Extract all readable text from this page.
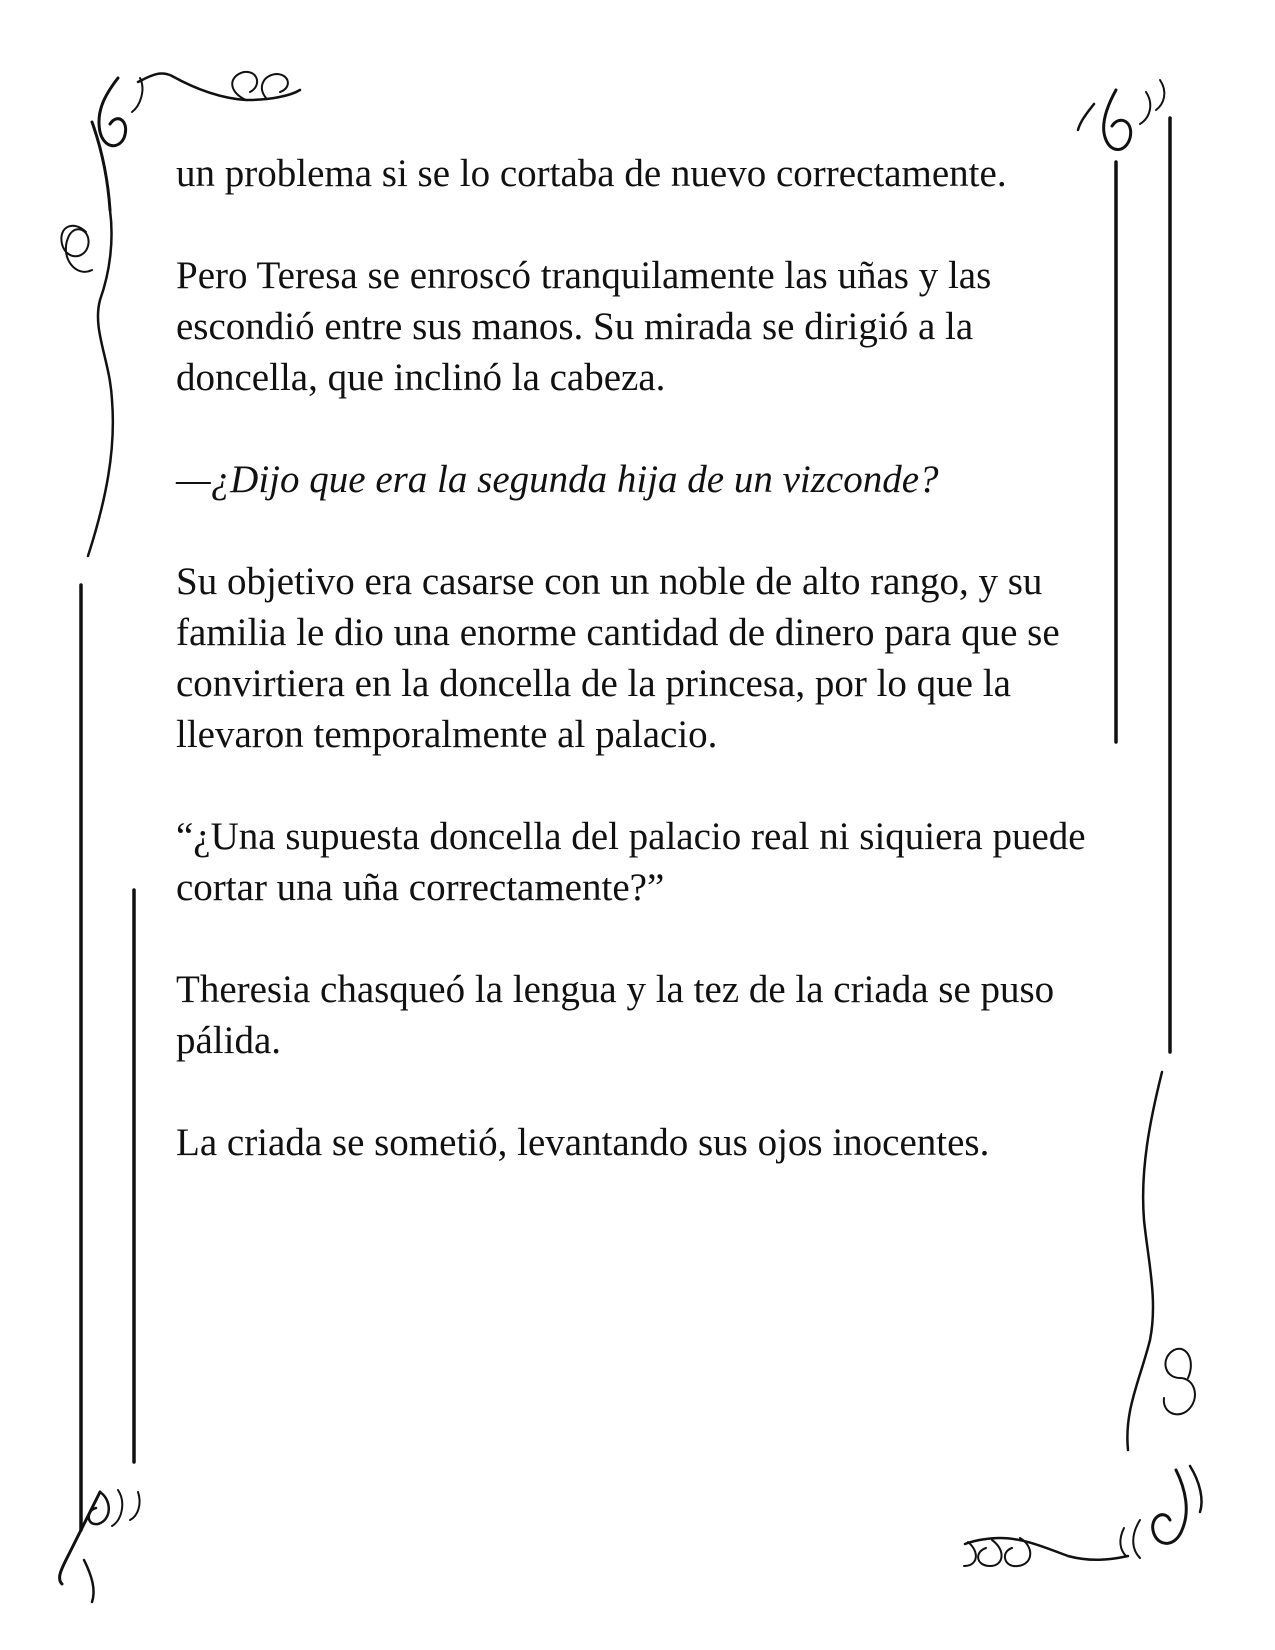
un problema si se lo cortaba de nuevo correctamente.

Pero Teresa se enroscó tranquilamente las uñas y las escondió entre sus manos. Su mirada se dirigió a la doncella, que inclinó la cabeza.

—¿Dijo que era la segunda hija de un vizconde?

Su objetivo era casarse con un noble de alto rango, y su familia le dio una enorme cantidad de dinero para que se convirtiera en la doncella de la princesa, por lo que la llevaron temporalmente al palacio.

“¿Una supuesta doncella del palacio real ni siquiera puede cortar una uña correctamente?”

Theresia chasqueó la lengua y la tez de la criada se puso pálida.

La criada se sometió, levantando sus ojos inocentes.
